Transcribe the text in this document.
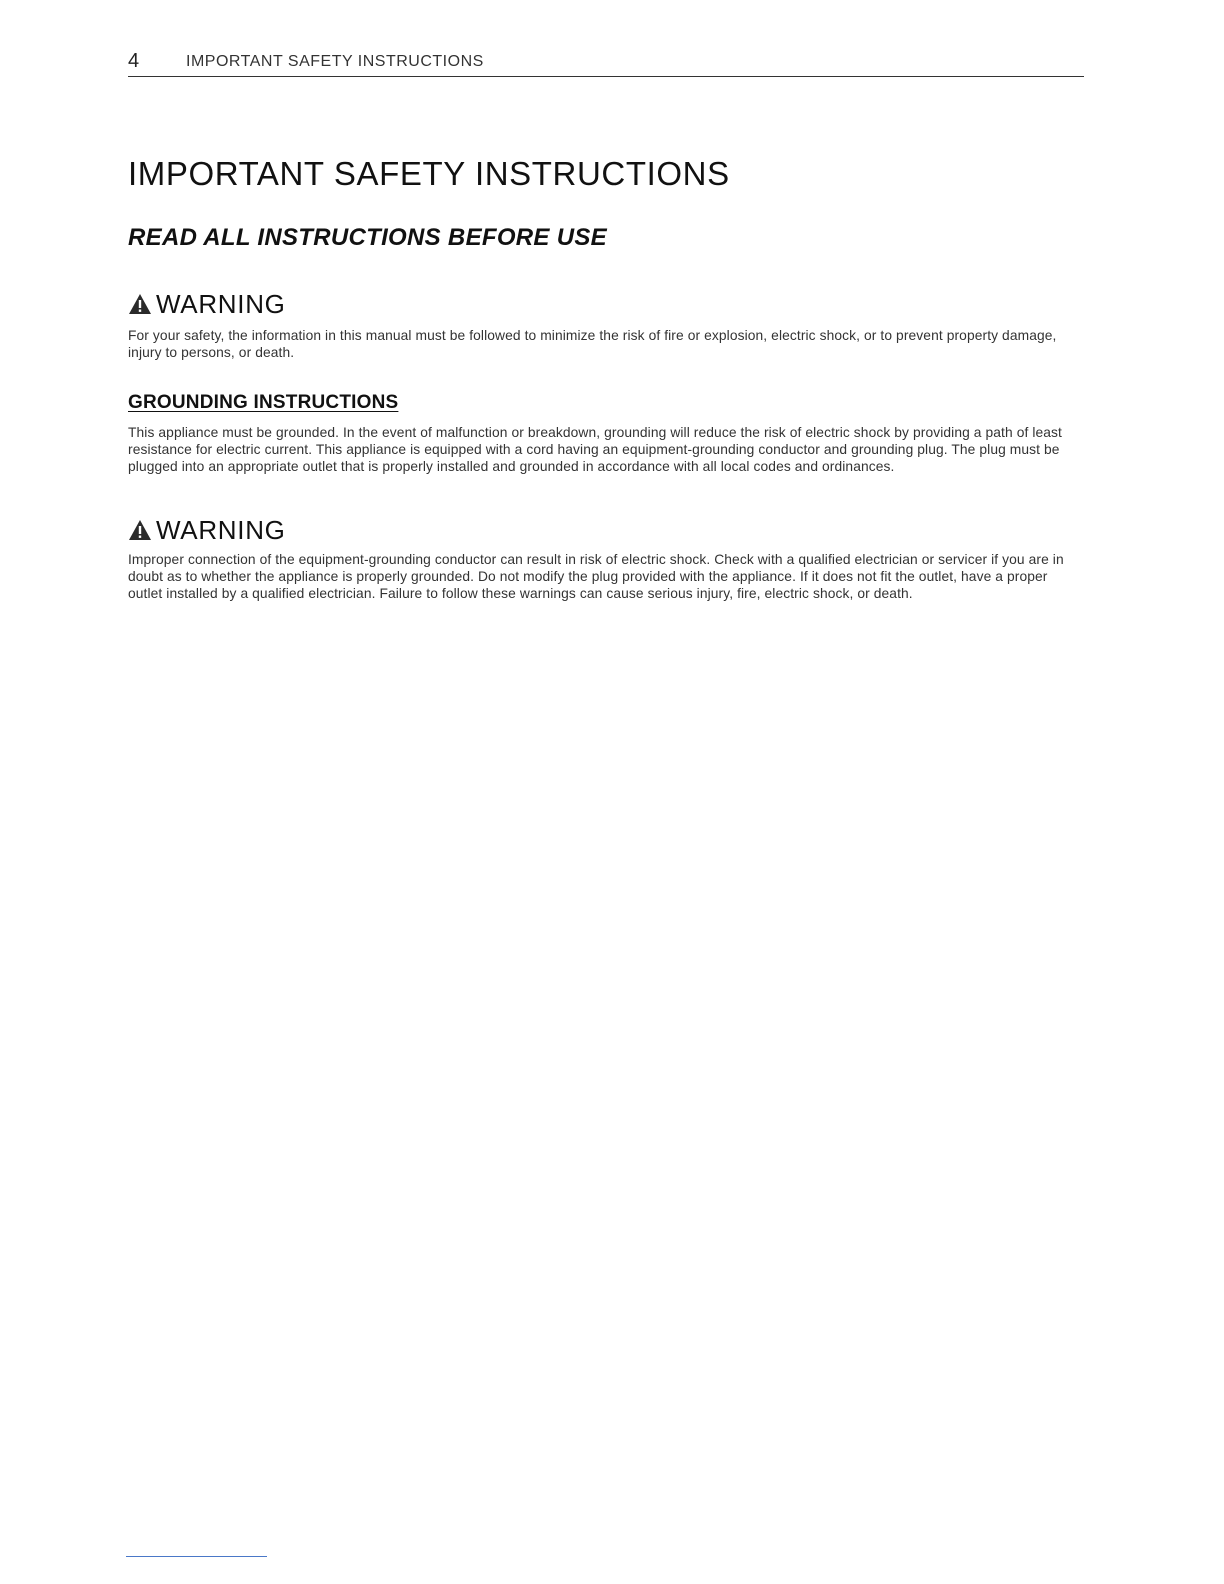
4	IMPORTANT SAFETY INSTRUCTIONS
IMPORTANT SAFETY INSTRUCTIONS
READ ALL INSTRUCTIONS BEFORE USE
WARNING

For your safety, the information in this manual must be followed to minimize the risk of fire or explosion, electric shock, or to prevent property damage, injury to persons, or death.

GROUNDING INSTRUCTIONS

This appliance must be grounded. In the event of malfunction or breakdown, grounding will reduce the risk of electric shock by providing a path of least resistance for electric current. This appliance is equipped with a cord having an equipment-grounding conductor and grounding plug. The plug must be plugged into an appropriate outlet that is properly installed and grounded in accordance with all local codes and ordinances.

WARNING

Improper connection of the equipment-grounding conductor can result in risk of electric shock. Check with a qualified electrician or servicer if you are in doubt as to whether the appliance is properly grounded. Do not modify the plug provided with the appliance. If it does not fit the outlet, have a proper outlet installed by a qualified electrician. Failure to follow these warnings can cause serious injury, fire, electric shock, or death.
